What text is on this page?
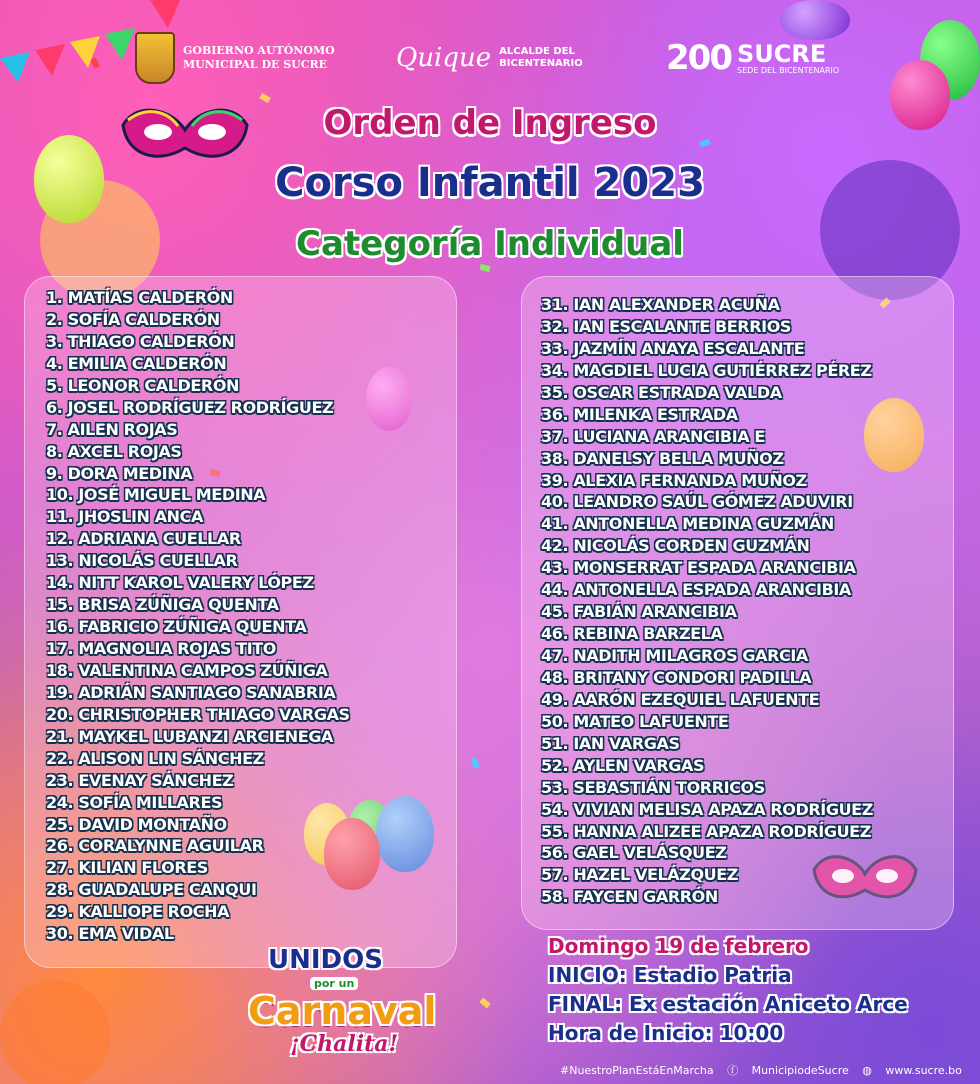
GOBIERNO AUTÓNOMO
MUNICIPAL DE SUCRE	Quique ALCALDE DEL
BICENTENARIO 200 SUCRE
SEDE DEL BICENTENARIO
Orden de Ingreso
Corso Infantil 2023
Categoría Individual
1. MATÍAS CALDERÓN
2. SOFÍA CALDERÓN
3. THIAGO CALDERÓN
4. EMILIA CALDERÓN
5. LEONOR CALDERÓN
6. JOSEL RODRÍGUEZ RODRÍGUEZ
7. AILEN ROJAS
8. AXCEL ROJAS
9. DORA MEDINA
10. JOSÉ MIGUEL MEDINA
11. JHOSLIN ANCA
12. ADRIANA CUELLAR
13. NICOLÁS CUELLAR
14. NITT KAROL VALERY LÓPEZ
15. BRISA ZÚÑIGA QUENTA
16. FABRICIO ZÚÑIGA QUENTA
17. MAGNOLIA ROJAS TITO
18. VALENTINA CAMPOS ZÚÑIGA
19. ADRIÁN SANTIAGO SANABRIA
20. CHRISTOPHER THIAGO VARGAS
21. MAYKEL LUBANZI ARCIENEGA
22. ALISON LIN SÁNCHEZ
23. EVENAY SÁNCHEZ
24. SOFÍA MILLARES
25. DAVID MONTAÑO
26. CORALYNNE AGUILAR
27. KILIAN FLORES
28. GUADALUPE CANQUI
29. KALLIOPE ROCHA
30. EMA VIDAL
31. IAN ALEXANDER ACUÑA
32. IAN ESCALANTE BERRIOS
33. JAZMÍN ANAYA ESCALANTE
34. MAGDIEL LUCIA GUTIÉRREZ PÉREZ
35. OSCAR ESTRADA VALDA
36. MILENKA ESTRADA
37. LUCIANA ARANCIBIA E
38. DANELSY BELLA MUÑOZ
39. ALEXIA FERNANDA MUÑOZ
40. LEANDRO SAÚL GÓMEZ ADUVIRI
41. ANTONELLA MEDINA GUZMÁN
42. NICOLÁS CORDEN GUZMÁN
43. MONSERRAT ESPADA ARANCIBIA
44. ANTONELLA ESPADA ARANCIBIA
45. FABIÁN ARANCIBIA
46. REBINA BARZELA
47. NADITH MILAGROS GARCIA
48. BRITANY CONDORI PADILLA
49. AARÓN EZEQUIEL LAFUENTE
50. MATEO LAFUENTE
51. IAN VARGAS
52. AYLEN VARGAS
53. SEBASTIÁN TORRICOS
54. VIVIAN MELISA APAZA RODRÍGUEZ
55. HANNA ALIZEE APAZA RODRÍGUEZ
56. GAEL VELÁSQUEZ
57. HAZEL VELÁZQUEZ
58. FAYCEN GARRÓN
Domingo 19 de febrero
INICIO: Estadio Patria
FINAL: Ex estación Aniceto Arce
Hora de Inicio: 10:00
UNIDOS
por un
Carnaval
¡Chalita!
#NuestroPlanEstáEnMarcha ⓕ MunicipiodeSucre ◍ www.sucre.bo
